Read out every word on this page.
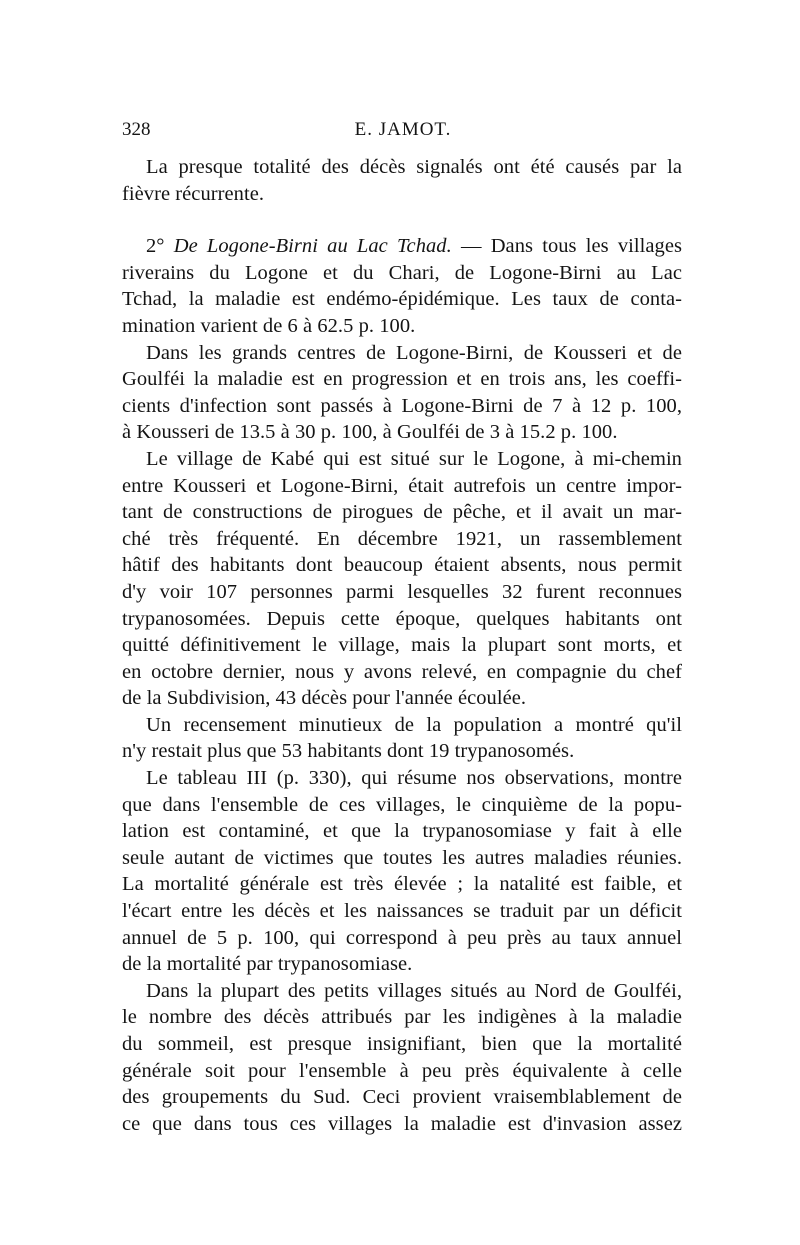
328	E. JAMOT.
La presque totalité des décès signalés ont été causés par la
fièvre récurrente.
2° De Logone-Birni au Lac Tchad. — Dans tous les villages
riverains du Logone et du Chari, de Logone-Birni au Lac
Tchad, la maladie est endémo-épidémique. Les taux de conta-
mination varient de 6 à 62.5 p. 100.
Dans les grands centres de Logone-Birni, de Kousseri et de
Goulféi la maladie est en progression et en trois ans, les coeffi-
cients d'infection sont passés à Logone-Birni de 7 à 12 p. 100,
à Kousseri de 13.5 à 30 p. 100, à Goulféi de 3 à 15.2 p. 100.
Le village de Kabé qui est situé sur le Logone, à mi-chemin
entre Kousseri et Logone-Birni, était autrefois un centre impor-
tant de constructions de pirogues de pêche, et il avait un mar-
ché très fréquenté. En décembre 1921, un rassemblement
hâtif des habitants dont beaucoup étaient absents, nous permit
d'y voir 107 personnes parmi lesquelles 32 furent reconnues
trypanosomées. Depuis cette époque, quelques habitants ont
quitté définitivement le village, mais la plupart sont morts, et
en octobre dernier, nous y avons relevé, en compagnie du chef
de la Subdivision, 43 décès pour l'année écoulée.
Un recensement minutieux de la population a montré qu'il
n'y restait plus que 53 habitants dont 19 trypanosomés.
Le tableau III (p. 330), qui résume nos observations, montre
que dans l'ensemble de ces villages, le cinquième de la popu-
lation est contaminé, et que la trypanosomiase y fait à elle
seule autant de victimes que toutes les autres maladies réunies.
La mortalité générale est très élevée ; la natalité est faible, et
l'écart entre les décès et les naissances se traduit par un déficit
annuel de 5 p. 100, qui correspond à peu près au taux annuel
de la mortalité par trypanosomiase.
Dans la plupart des petits villages situés au Nord de Goulféi,
le nombre des décès attribués par les indigènes à la maladie
du sommeil, est presque insignifiant, bien que la mortalité
générale soit pour l'ensemble à peu près équivalente à celle
des groupements du Sud. Ceci provient vraisemblablement de
ce que dans tous ces villages la maladie est d'invasion assez
